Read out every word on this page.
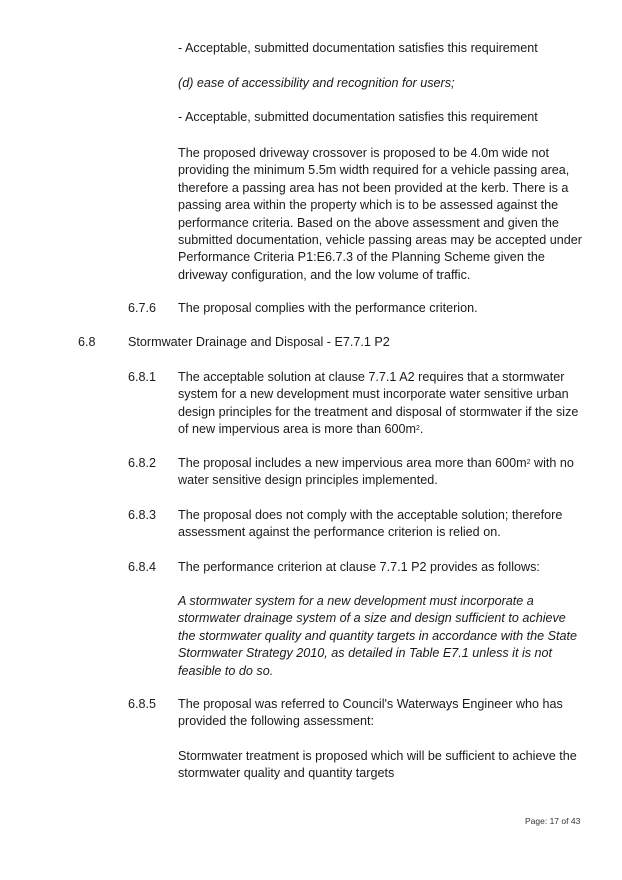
- Acceptable, submitted documentation satisfies this requirement
(d) ease of accessibility and recognition for users;
- Acceptable, submitted documentation satisfies this requirement
The proposed driveway crossover is proposed to be 4.0m wide not
providing the minimum 5.5m width required for a vehicle passing area,
therefore a passing area has not been provided at the kerb. There is a
passing area within the property which is to be assessed against the
performance criteria. Based on the above assessment and given the
submitted documentation, vehicle passing areas may be accepted under
Performance Criteria P1:E6.7.3 of the Planning Scheme given the
driveway configuration, and the low volume of traffic.
6.7.6 The proposal complies with the performance criterion.
6.8	Stormwater Drainage and Disposal - E7.7.1 P2
6.8.1 The acceptable solution at clause 7.7.1 A2 requires that a stormwater
system for a new development must incorporate water sensitive urban
design principles for the treatment and disposal of stormwater if the size
of new impervious area is more than $600m^2$.
6.8.2 The proposal includes a new impervious area more than $600m^2$ with no
water sensitive design principles implemented.
6.8.3 The proposal does not comply with the acceptable solution; therefore
assessment against the performance criterion is relied on.
6.8.4 The performance criterion at clause 7.7.1 P2 provides as follows:
A stormwater system for a new development must incorporate a
stormwater drainage system of a size and design sufficient to achieve
the stormwater quality and quantity targets in accordance with the State
Stormwater Strategy 2010, as detailed in Table E7.1 unless it is not
feasible to do so.
6.8.5 The proposal was referred to Council's Waterways Engineer who has
provided the following assessment:
Stormwater treatment is proposed which will be sufficient to achieve the
stormwater quality and quantity targets
Page: 17 of 43
